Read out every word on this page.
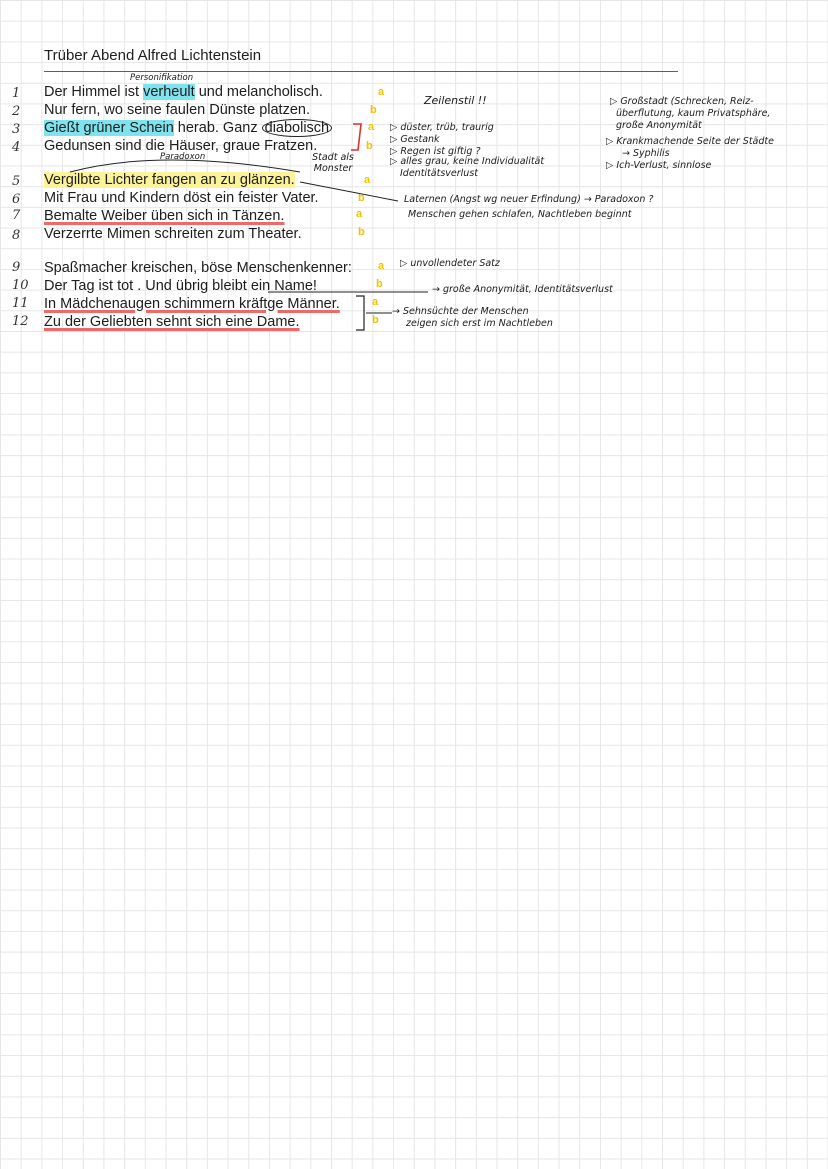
Trüber Abend Alfred Lichtenstein
1
2
3
4
5
6
7
8
9
10
11
12
Der Himmel ist verheult und melancholisch.
Nur fern, wo seine faulen Dünste platzen.
Gießt grüner Schein herab. Ganz diabolisch
Gedunsen sind die Häuser, graue Fratzen.
Vergilbte Lichter fangen an zu glänzen.
Mit Frau und Kindern döst ein feister Vater.
Bemalte Weiber üben sich in Tänzen.
Verzerrte Mimen schreiten zum Theater.
Spaßmacher kreischen, böse Menschenkenner:
Der Tag ist tot . Und übrig bleibt ein Name!
In Mädchenaugen schimmern kräftge Männer.
Zu der Geliebten sehnt sich eine Dame.
a
b
a
b
a
b
a
b
a
b
a
b
Personifikation
Paradoxon	Stadt als Monster
Zeilenstil !!
▷ düster, trüb, traurig
▷ Gestank
▷ Regen ist giftig ?
▷ alles grau, keine Individualität
Identitätsverlust
▷ Großstadt (Schrecken, Reiz-
überflutung, kaum Privatsphäre,
große Anonymität
▷ Krankmachende Seite der Städte
→ Syphilis
▷ Ich-Verlust, sinnlose
Laternen (Angst wg neuer Erfindung) → Paradoxon ?
Menschen gehen schlafen, Nachtleben beginnt
▷ unvollendeter Satz
→ große Anonymität, Identitätsverlust
→ Sehnsüchte der Menschen
zeigen sich erst im Nachtleben
